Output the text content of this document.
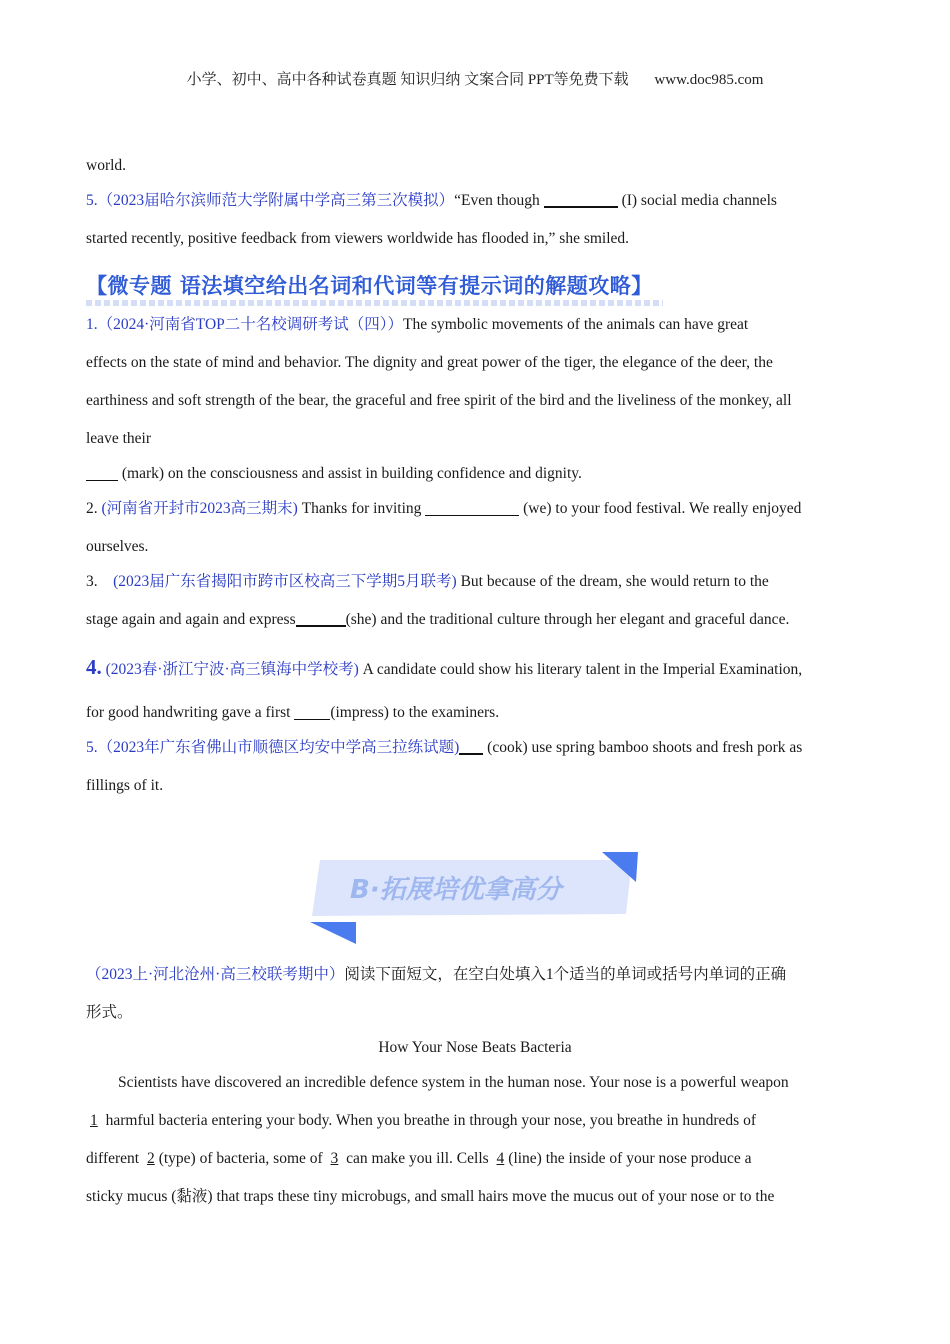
小学、初中、高中各种试卷真题 知识归纳 文案合同 PPT等免费下载 www.doc985.com

world.

5.（2023届哈尔滨师范大学附属中学高三第三次模拟）“Even though	(I) social media channels

started recently, positive feedback from viewers worldwide has flooded in,” she smiled.

【微专题 语法填空给出名词和代词等有提示词的解题攻略】

1.（2024·河南省TOP二十名校调研考试（四））The symbolic movements of the animals can have great

effects on the state of mind and behavior. The dignity and great power of the tiger, the elegance of the deer, the

earthiness and soft strength of the bear, the graceful and free spirit of the bird and the liveliness of the monkey, all

leave their

(mark) on the consciousness and assist in building confidence and dignity.

2. (河南省开封市2023高三期末) Thanks for inviting	(we) to your food festival. We really enjoyed

ourselves.

3.　(2023届广东省揭阳市跨市区校高三下学期5月联考) But because of the dream, she would return to the

stage again and again and express	(she) and the traditional culture through her elegant and graceful dance.

4. (2023春·浙江宁波·高三镇海中学校考) A candidate could show his literary talent in the Imperial Examination,

for good handwriting gave a first (impress) to the examiners.

5.（2023年广东省佛山市顺德区均安中学高三拉练试题) (cook) use spring bamboo shoots and fresh pork as

fillings of it.

B·拓展培优拿高分

（2023上·河北沧州·高三校联考期中）阅读下面短文，在空白处填入1个适当的单词或括号内单词的正确

形式。

How Your Nose Beats Bacteria

Scientists have discovered an incredible defence system in the human nose. Your nose is a powerful weapon

1 harmful bacteria entering your body. When you breathe in through your nose, you breathe in hundreds of

different 2 (type) of bacteria, some of 3 can make you ill. Cells 4 (line) the inside of your nose produce a

sticky mucus (黏液) that traps these tiny microbugs, and small hairs move the mucus out of your nose or to the
